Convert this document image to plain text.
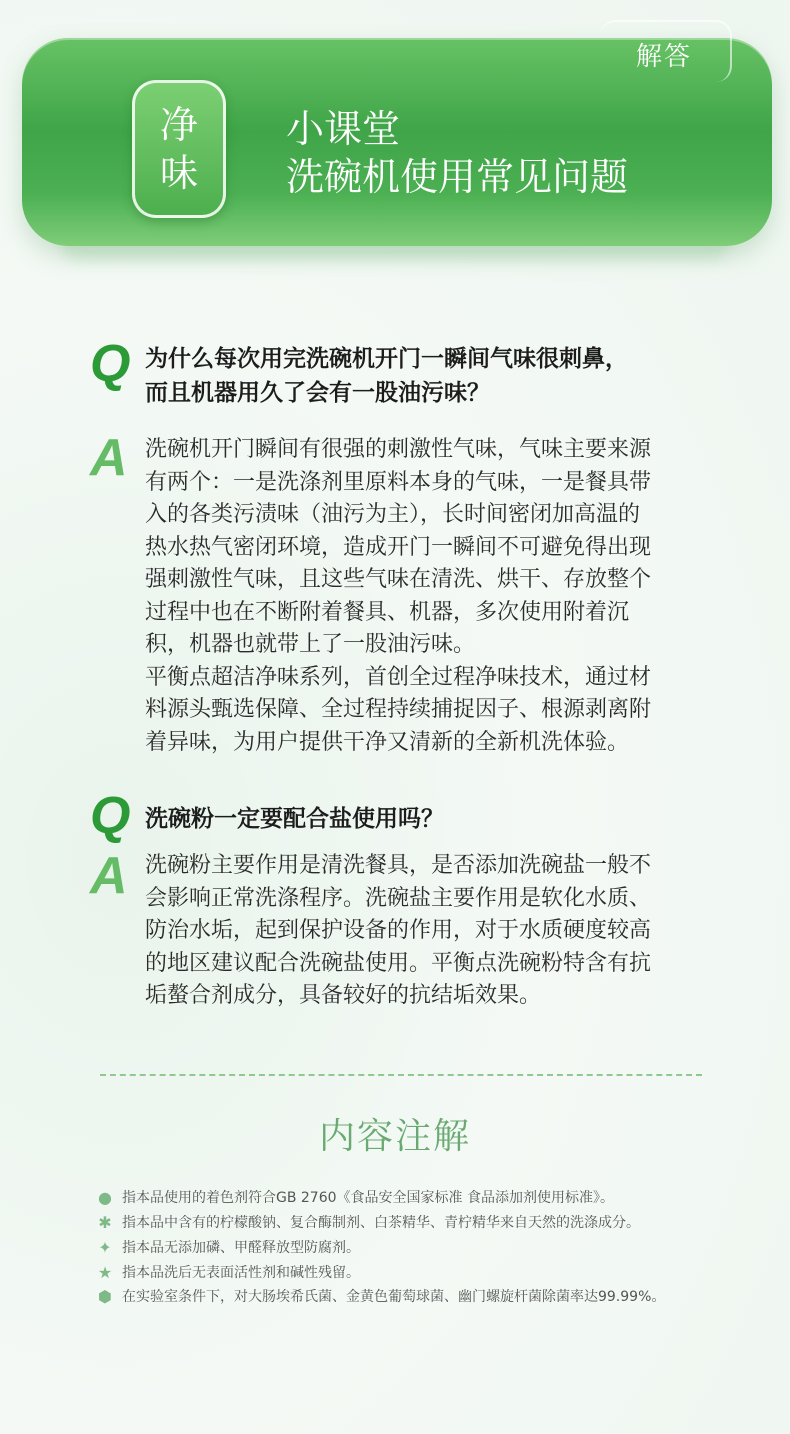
解答
净
味
小课堂
洗碗机使用常见问题
Q 为什么每次用完洗碗机开门一瞬间气味很刺鼻，
而且机器用久了会有一股油污味？
A 洗碗机开门瞬间有很强的刺激性气味，气味主要来源

有两个：一是洗涤剂里原料本身的气味，一是餐具带

入的各类污渍味（油污为主），长时间密闭加高温的

热水热气密闭环境，造成开门一瞬间不可避免得出现

强刺激性气味，且这些气味在清洗、烘干、存放整个

过程中也在不断附着餐具、机器，多次使用附着沉

积，机器也就带上了一股油污味。

平衡点超洁净味系列，首创全过程净味技术，通过材

料源头甄选保障、全过程持续捕捉因子、根源剥离附

着异味，为用户提供干净又清新的全新机洗体验。

Q 洗碗粉一定要配合盐使用吗？
A 洗碗粉主要作用是清洗餐具，是否添加洗碗盐一般不

会影响正常洗涤程序。洗碗盐主要作用是软化水质、

防治水垢，起到保护设备的作用，对于水质硬度较高

的地区建议配合洗碗盐使用。平衡点洗碗粉特含有抗

垢螯合剂成分，具备较好的抗结垢效果。

内容注解
● 指本品使用的着色剂符合GB 2760《食品安全国家标准 食品添加剂使用标准》。
✱ 指本品中含有的柠檬酸钠、复合酶制剂、白茶精华、青柠精华来自天然的洗涤成分。
✦ 指本品无添加磷、甲醛释放型防腐剂。
★ 指本品洗后无表面活性剂和碱性残留。
⬢ 在实验室条件下，对大肠埃希氏菌、金黄色葡萄球菌、幽门螺旋杆菌除菌率达99.99%。
